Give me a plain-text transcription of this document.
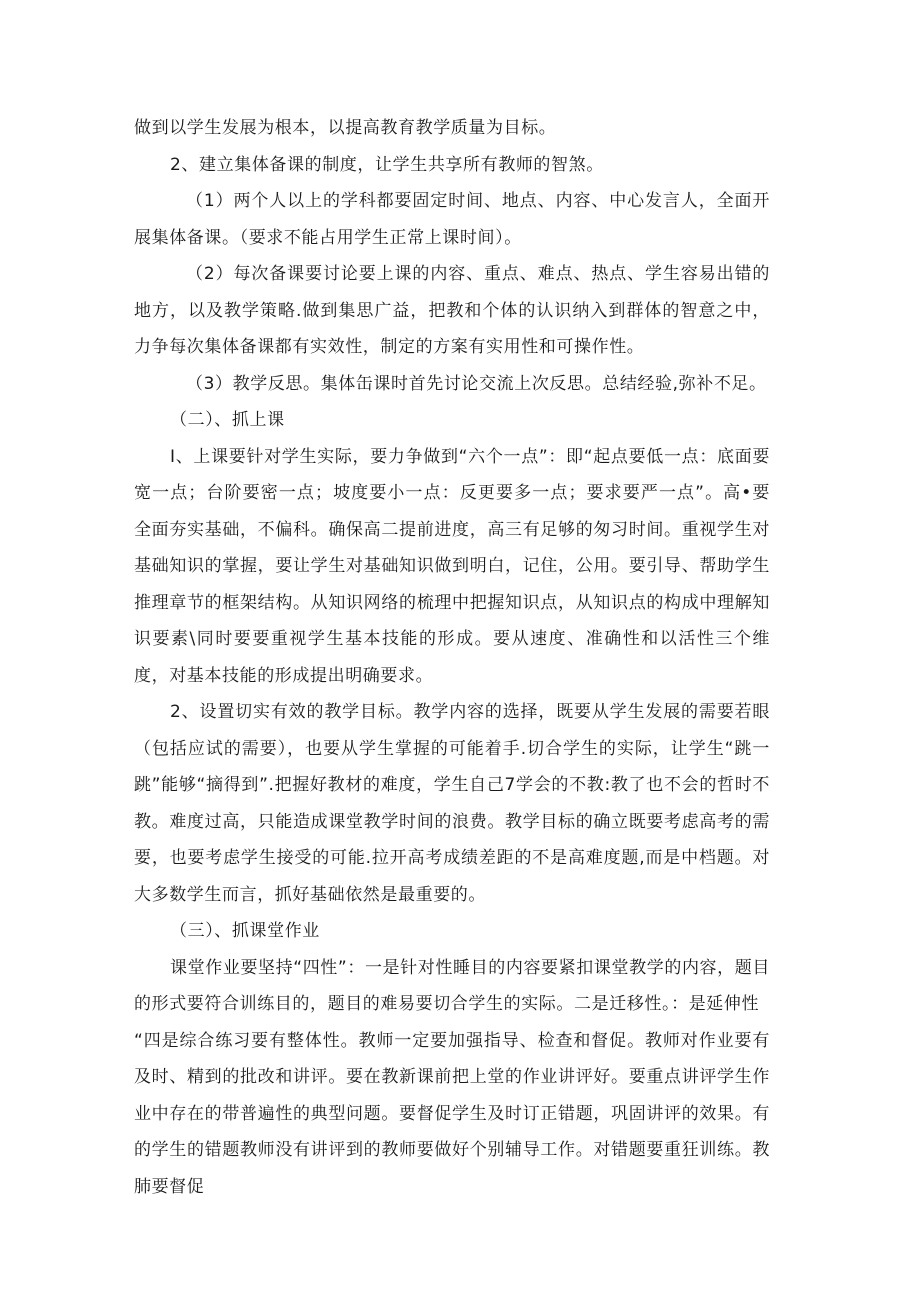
做到以学生发展为根本，以提高教育教学质量为目标。

2、建立集体备课的制度，让学生共享所有教师的智煞。

（1）两个人以上的学科都要固定时间、地点、内容、中心发言人，全面开展集体备课。（要求不能占用学生正常上课时间）。

（2）每次备课要讨论要上课的内容、重点、难点、热点、学生容易出错的地方，以及教学策略.做到集思广益，把教和个体的认识纳入到群体的智意之中，力争每次集体备课都有实效性，制定的方案有实用性和可操作性。

（3）教学反思。集体缶课时首先讨论交流上次反思。总结经验,弥补不足。

（二）、抓上课

I、上课要针对学生实际，要力争做到“六个一点”：即“起点要低一点：底面要宽一点；台阶要密一点；坡度要小一点：反更要多一点；要求要严一点”。高•要全面夯实基础，不偏科。确保高二提前进度，高三有足够的匆习时间。重视学生对基础知识的掌握，要让学生对基础知识做到明白，记住，公用。要引导、帮助学生推理章节的框架结构。从知识网络的梳理中把握知识点，从知识点的构成中理解知识要素\同时要要重视学生基本技能的形成。要从速度、准确性和以活性三个维度，对基本技能的形成提出明确要求。

2、设置切实有效的教学目标。教学内容的选择，既要从学生发展的需要若眼（包括应试的需要），也要从学生掌握的可能着手.切合学生的实际，让学生“跳一跳”能够“摘得到”.把握好教材的难度，学生自己7学会的不教:教了也不会的哲时不教。难度过高，只能造成课堂教学时间的浪费。教学目标的确立既要考虑高考的需要，也要考虑学生接受的可能.拉开高考成绩差距的不是高难度题,而是中档题。对大多数学生而言，抓好基础依然是最重要的。

（三）、抓课堂作业

课堂作业要坚持“四性”：一是针对性睡目的内容要紧扣课堂教学的内容，题目的形式要符合训练目的，题目的难易要切合学生的实际。二是迁移性。：是延伸性

“四是综合练习要有整体性。教师一定要加强指导、检查和督促。教师对作业要有及时、精到的批改和讲评。要在教新课前把上堂的作业讲评好。要重点讲评学生作业中存在的带普遍性的典型问题。要督促学生及时订正错题，巩固讲评的效果。有的学生的错题教师没有讲评到的教师要做好个别辅导工作。对错题要重狂训练。教肺要督促
